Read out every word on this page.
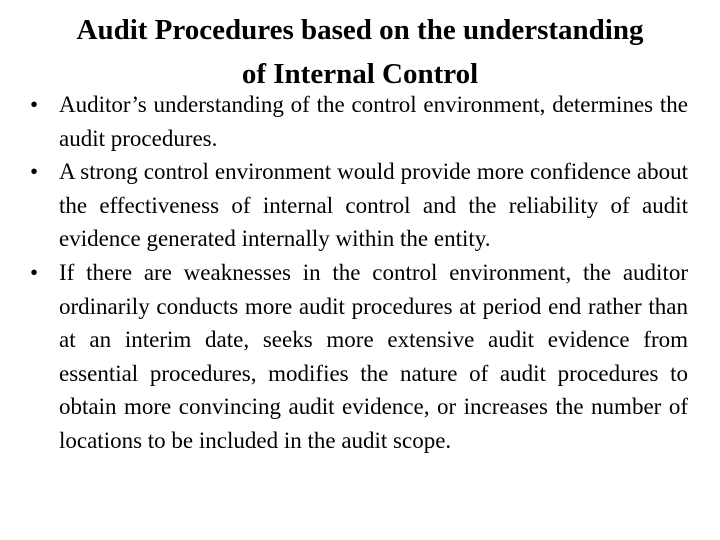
Audit Procedures based on the understanding
of Internal Control
• Auditor’s understanding of the control environment, determines the audit procedures.
• A strong control environment would provide more confidence about the effectiveness of internal control and the reliability of audit evidence generated internally within the entity.
• If there are weaknesses in the control environment, the auditor ordinarily conducts more audit procedures at period end rather than at an interim date, seeks more extensive audit evidence from essential procedures, modifies the nature of audit procedures to obtain more convincing audit evidence, or increases the number of locations to be included in the audit scope.
